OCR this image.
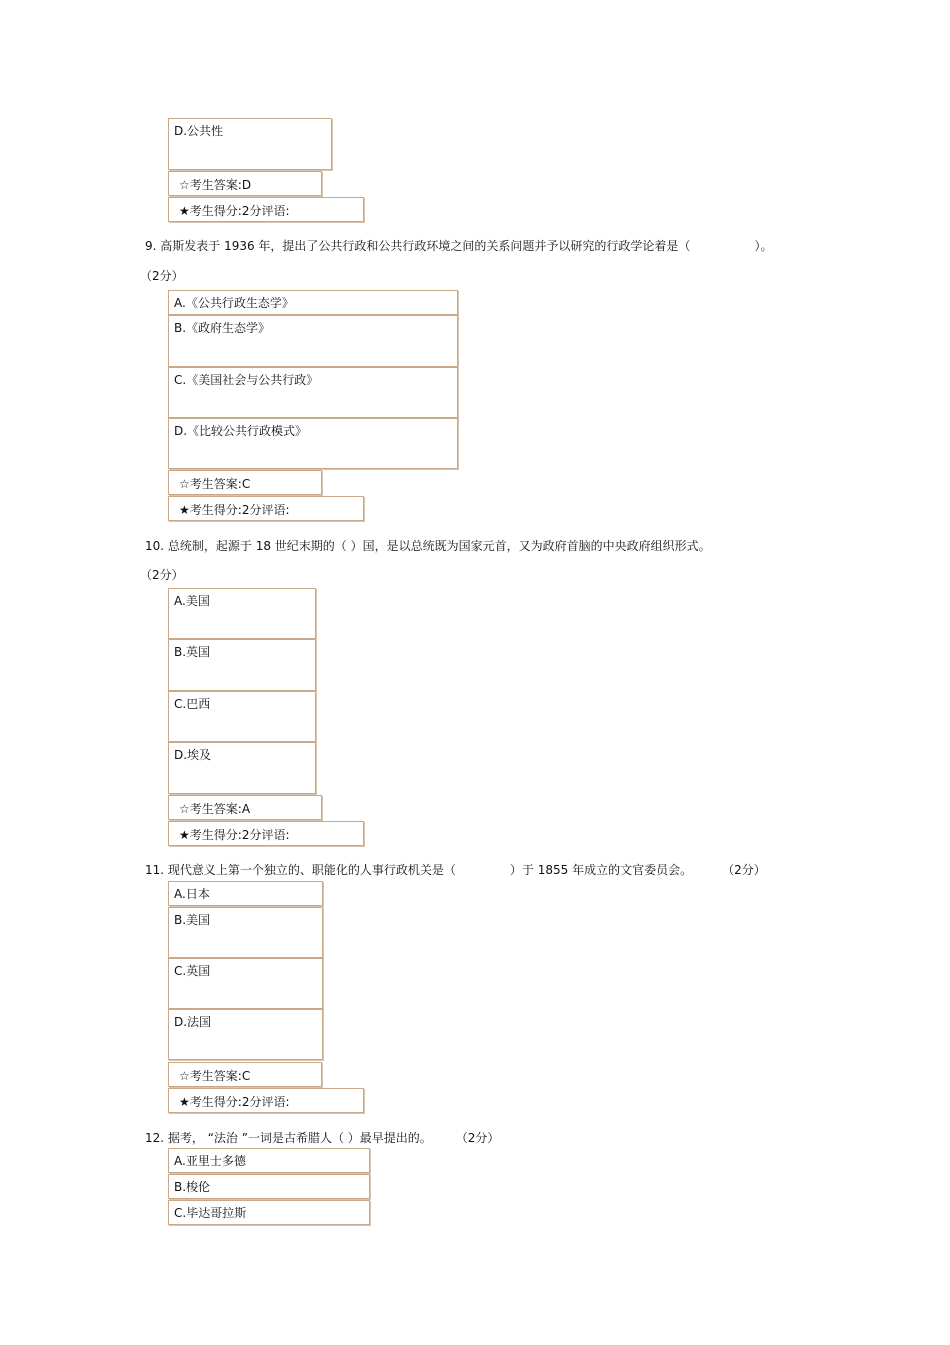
D.公共性
☆考生答案:
D
★考生得分:
2
分
评语:
9. 高斯发表于 1936 年，提出了公共行政和公共行政环境之间的关系问题并予以研究的行政学论着是（	）。
（2分）
A.《公共行政生态学》
B.《政府生态学》
C.《美国社会与公共行政》
D.《比较公共行政模式》
☆考生答案:
C
★考生得分:
2
分
评语:
10. 总统制，起源于 18 世纪末期的（ ）国，是以总统既为国家元首，又为政府首脑的中央政府组织形式。
（2分）
A.美国
B.英国
C.巴西
D.埃及
☆考生答案:
A
★考生得分:
2
分
评语:
11. 现代意义上第一个独立的、职能化的人事行政机关是（	）于 1855 年成立的文官委员会。	（2分）
A.日本
B.美国
C.英国
D.法国
☆考生答案:
C
★考生得分:
2
分
评语:
12. 据考， “法治 ”一词是古希腊人（ ）最早提出的。 （2分）
A.亚里士多德
B.梭伦
C.毕达哥拉斯
